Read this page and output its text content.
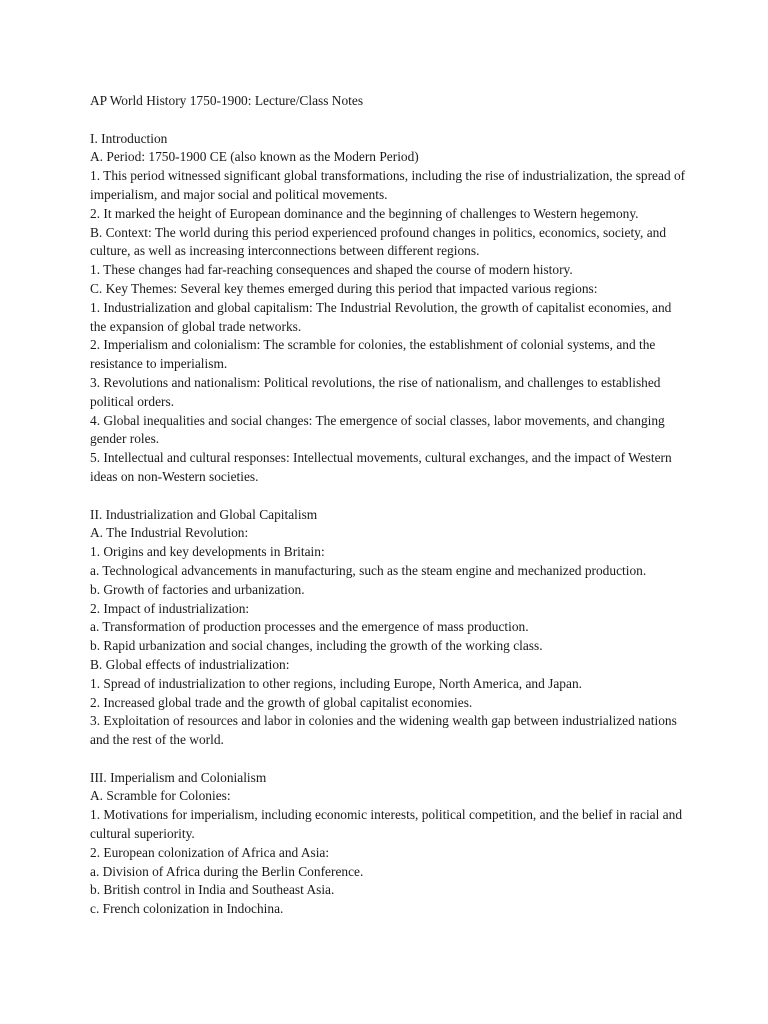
AP World History 1750-1900: Lecture/Class Notes

I. Introduction

A. Period: 1750-1900 CE (also known as the Modern Period)

1. This period witnessed significant global transformations, including the rise of industrialization, the spread of imperialism, and major social and political movements.

2. It marked the height of European dominance and the beginning of challenges to Western hegemony.

B. Context: The world during this period experienced profound changes in politics, economics, society, and culture, as well as increasing interconnections between different regions.

1. These changes had far-reaching consequences and shaped the course of modern history.

C. Key Themes: Several key themes emerged during this period that impacted various regions:

1. Industrialization and global capitalism: The Industrial Revolution, the growth of capitalist economies, and the expansion of global trade networks.

2. Imperialism and colonialism: The scramble for colonies, the establishment of colonial systems, and the resistance to imperialism.

3. Revolutions and nationalism: Political revolutions, the rise of nationalism, and challenges to established political orders.

4. Global inequalities and social changes: The emergence of social classes, labor movements, and changing gender roles.

5. Intellectual and cultural responses: Intellectual movements, cultural exchanges, and the impact of Western ideas on non-Western societies.

II. Industrialization and Global Capitalism

A. The Industrial Revolution:

1. Origins and key developments in Britain:

a. Technological advancements in manufacturing, such as the steam engine and mechanized production.

b. Growth of factories and urbanization.

2. Impact of industrialization:

a. Transformation of production processes and the emergence of mass production.

b. Rapid urbanization and social changes, including the growth of the working class.

B. Global effects of industrialization:

1. Spread of industrialization to other regions, including Europe, North America, and Japan.

2. Increased global trade and the growth of global capitalist economies.

3. Exploitation of resources and labor in colonies and the widening wealth gap between industrialized nations and the rest of the world.

III. Imperialism and Colonialism

A. Scramble for Colonies:

1. Motivations for imperialism, including economic interests, political competition, and the belief in racial and cultural superiority.

2. European colonization of Africa and Asia:

a. Division of Africa during the Berlin Conference.

b. British control in India and Southeast Asia.

c. French colonization in Indochina.
